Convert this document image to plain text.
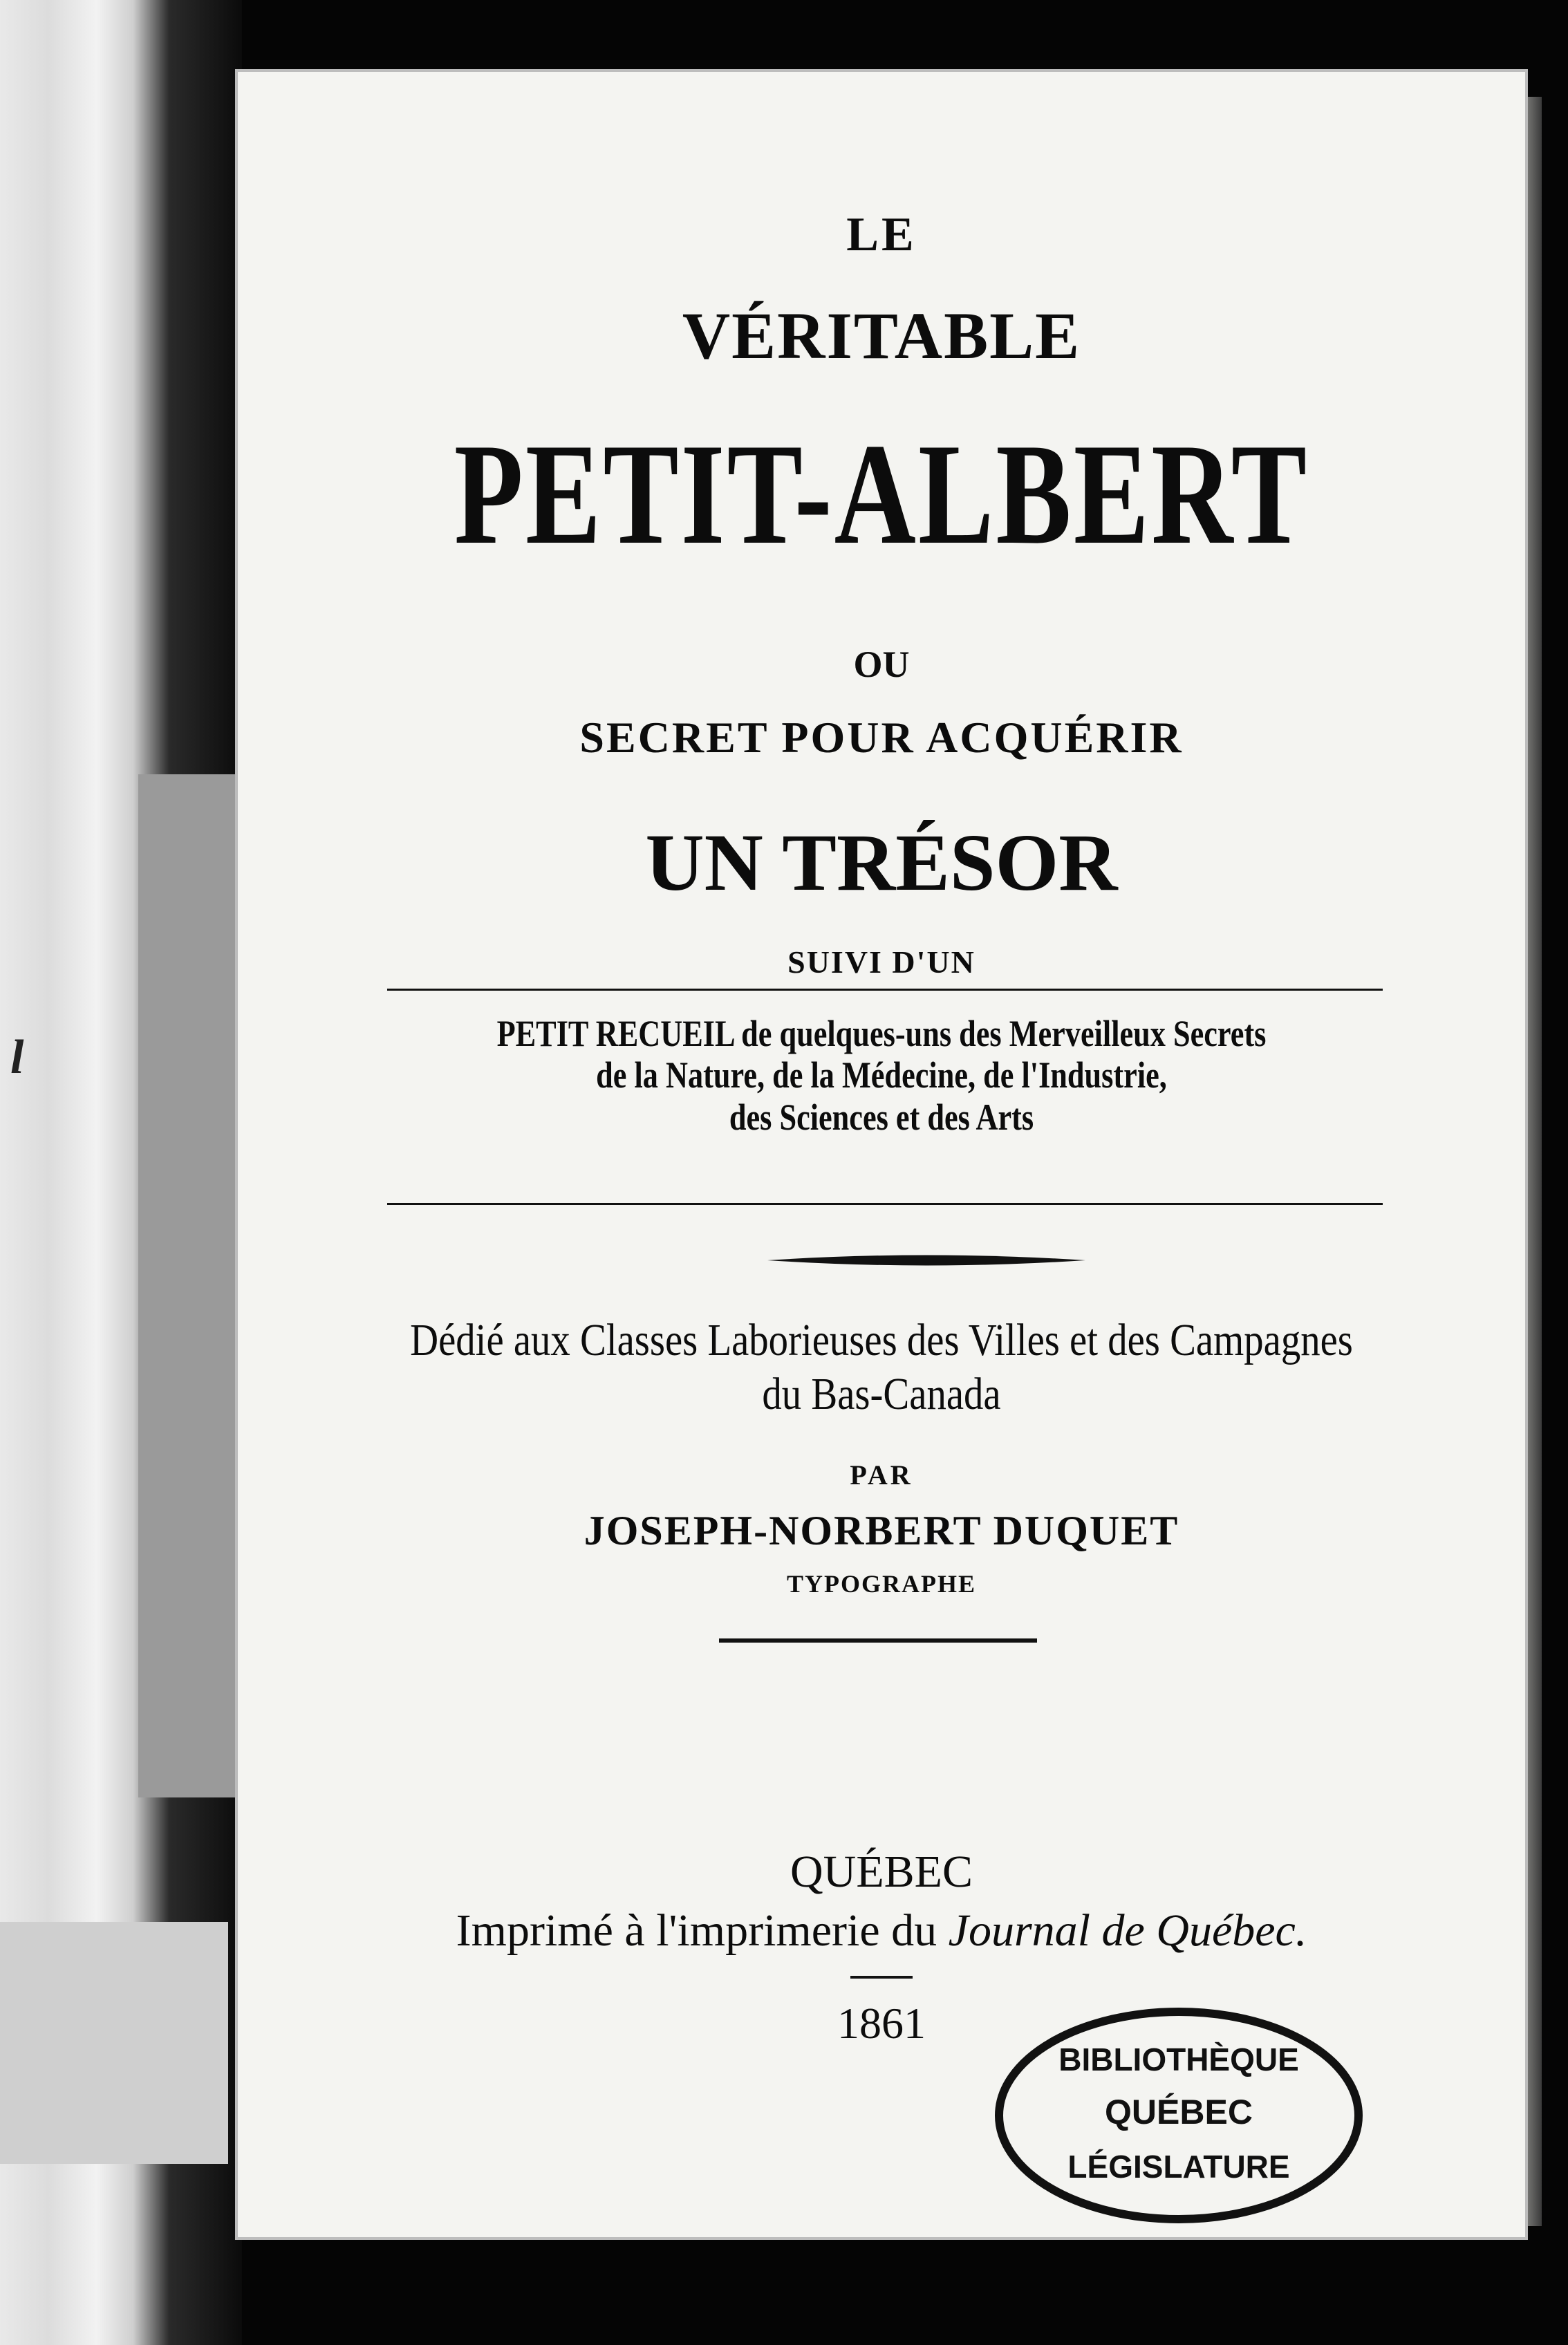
l
LE
VÉRITABLE
PETIT-ALBERT
OU
SECRET POUR ACQUÉRIR
UN TRÉSOR
SUIVI D'UN
PETIT RECUEIL de quelques-uns des Merveilleux Secrets
de la Nature, de la Médecine, de l'Industrie,
des Sciences et des Arts
Dédié aux Classes Laborieuses des Villes et des Campagnes
du Bas-Canada
PAR
JOSEPH-NORBERT DUQUET
TYPOGRAPHE
QUÉBEC
Imprimé à l'imprimerie du Journal de Québec.
1861
BIBLIOTHÈQUE
QUÉBEC
LÉGISLATURE
